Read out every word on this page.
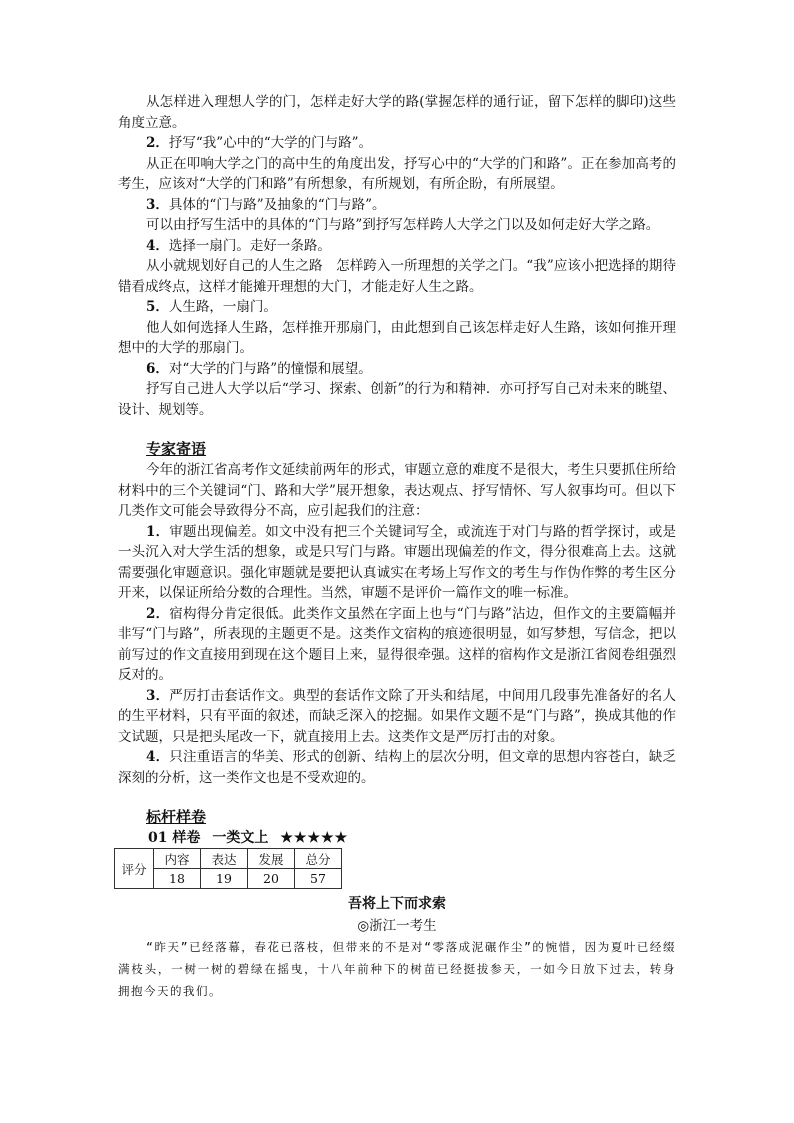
从怎样进入理想人学的门，怎样走好大学的路(掌握怎样的通行证，留下怎样的脚印)这些角度立意。

2．抒写“我”心中的“大学的门与路”。

从正在叩响大学之门的高中生的角度出发，抒写心中的“大学的门和路”。正在参加高考的考生，应该对“大学的门和路”有所想象，有所规划，有所企盼，有所展望。

3．具体的“门与路”及抽象的“门与路”。

可以由抒写生活中的具体的“门与路”到抒写怎样跨人大学之门以及如何走好大学之路。

4．选择一扇门。走好一条路。

从小就规划好自己的人生之路　怎样跨入一所理想的关学之门。“我”应该小把选择的期待错看成终点，这样才能摊开理想的大门，才能走好人生之路。

5．人生路，一扇门。

他人如何选择人生路，怎样推开那扇门，由此想到自己该怎样走好人生路，该如何推开理想中的大学的那扇门。

6．对“大学的门与路”的憧憬和展望。

抒写自己进人大学以后“学习、探索、创新”的行为和精神．亦可抒写自己对未来的眺望、设计、规划等。

专家寄语

今年的浙江省高考作文延续前两年的形式，审题立意的难度不是很大，考生只要抓住所给材料中的三个关键词“门、路和大学”展开想象，表达观点、抒写情怀、写人叙事均可。但以下几类作文可能会导致得分不高，应引起我们的注意：

1．审题出现偏差。如文中没有把三个关键词写全，或流连于对门与路的哲学探讨，或是一头沉入对大学生活的想象，或是只写门与路。审题出现偏差的作文，得分很难高上去。这就需要强化审题意识。强化审题就是要把认真诚实在考场上写作文的考生与作伪作弊的考生区分开来，以保证所给分数的合理性。当然，审题不是评价一篇作文的唯一标准。

2．宿构得分肯定很低。此类作文虽然在字面上也与“门与路”沾边，但作文的主要篇幅并非写“门与路”，所表现的主题更不是。这类作文宿构的痕迹很明显，如写梦想，写信念，把以前写过的作文直接用到现在这个题目上来，显得很牵强。这样的宿构作文是浙江省阅卷组强烈反对的。

3．严厉打击套话作文。典型的套话作文除了开头和结尾，中间用几段事先准备好的名人的生平材料，只有平面的叙述，而缺乏深入的挖掘。如果作文题不是“门与路”，换成其他的作文试题，只是把头尾改一下，就直接用上去。这类作文是严厉打击的对象。

4．只注重语言的华美、形式的创新、结构上的层次分明，但文章的思想内容苍白，缺乏深刻的分析，这一类作文也是不受欢迎的。

标杆样卷

01 样卷 一类文上 ★★★★★

评分	内容	表达	发展	总分
	18	19	20	57

吾将上下而求索

◎浙江一考生

“昨天”已经落幕，春花已落枝，但带来的不是对“零落成泥碾作尘”的惋惜，因为夏叶已经缀满枝头，一树一树的碧绿在摇曳，十八年前种下的树苗已经挺拔参天，一如今日放下过去，转身拥抱今天的我们。
